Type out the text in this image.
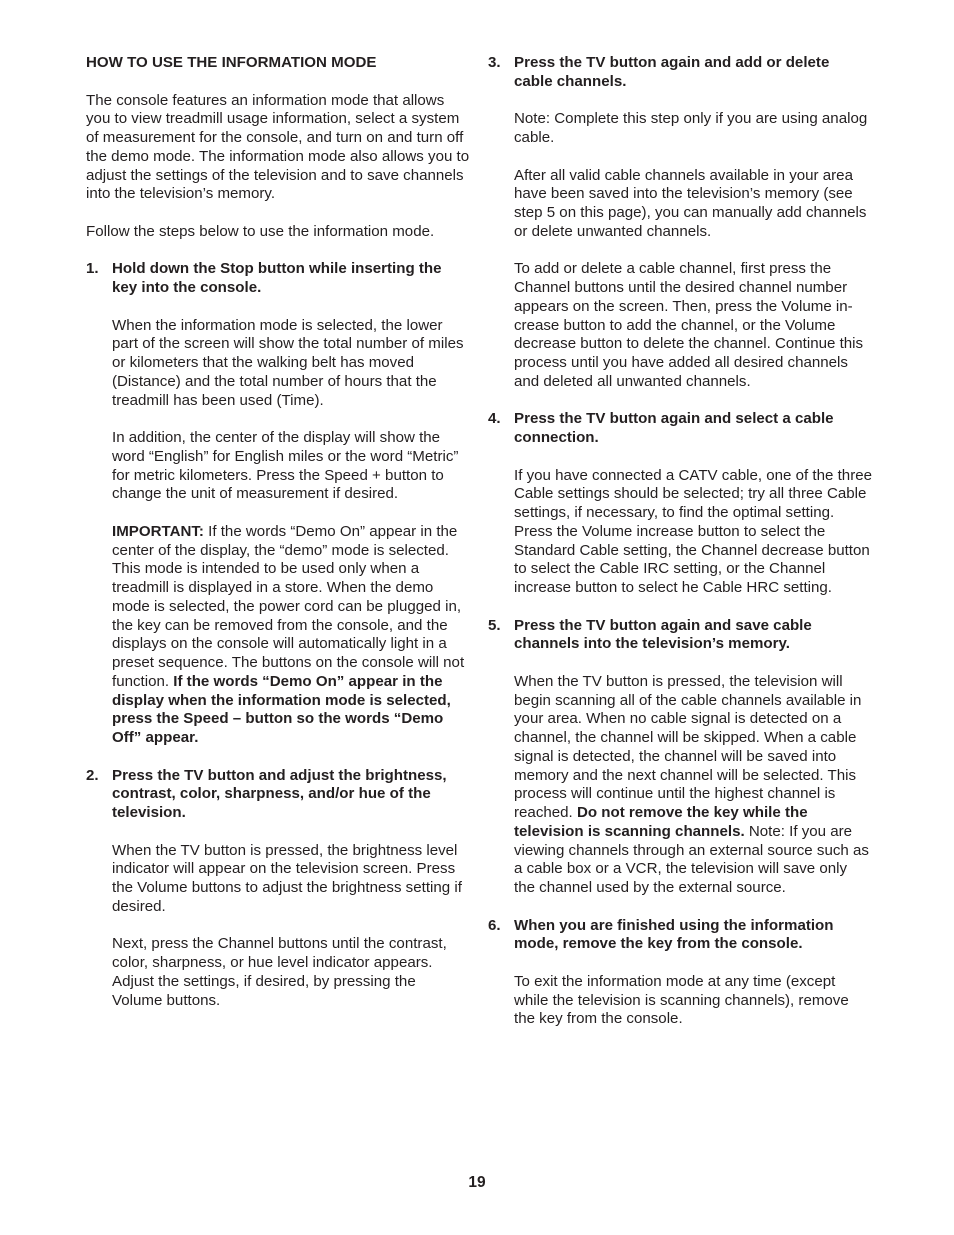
HOW TO USE THE INFORMATION MODE

The console features an information mode that allows you to view treadmill usage information, select a system of measurement for the console, and turn on and turn off the demo mode. The information mode also allows you to adjust the settings of the television and to save channels into the television’s memory.

Follow the steps below to use the information mode.

1. Hold down the Stop button while inserting the key into the console.

When the information mode is selected, the lower part of the screen will show the total number of miles or kilometers that the walking belt has moved (Distance) and the total number of hours that the treadmill has been used (Time).

In addition, the center of the display will show the word “English” for English miles or the word “Metric” for metric kilometers. Press the Speed + button to change the unit of measurement if desired.

IMPORTANT: If the words “Demo On” appear in the center of the display, the “demo” mode is selected. This mode is intended to be used only when a treadmill is displayed in a store. When the demo mode is selected, the power cord can be plugged in, the key can be removed from the console, and the displays on the console will automatically light in a preset sequence. The buttons on the console will not function. If the words “Demo On” appear in the display when the information mode is selected, press the Speed – button so the words “Demo Off” appear.

2. Press the TV button and adjust the brightness, contrast, color, sharpness, and/or hue of the television.

When the TV button is pressed, the brightness level indicator will appear on the television screen. Press the Volume buttons to adjust the brightness setting if desired.

Next, press the Channel buttons until the contrast, color, sharpness, or hue level indicator appears. Adjust the settings, if desired, by pressing the Volume buttons.

3. Press the TV button again and add or delete cable channels.

Note: Complete this step only if you are using analog cable.

After all valid cable channels available in your area have been saved into the television’s memory (see step 5 on this page), you can manually add channels or delete unwanted channels.

To add or delete a cable channel, first press the Channel buttons until the desired channel number appears on the screen. Then, press the Volume increase button to add the channel, or the Volume decrease button to delete the channel. Continue this process until you have added all desired channels and deleted all unwanted channels.

4. Press the TV button again and select a cable connection.

If you have connected a CATV cable, one of the three Cable settings should be selected; try all three Cable settings, if necessary, to find the optimal setting. Press the Volume increase button to select the Standard Cable setting, the Channel decrease button to select the Cable IRC setting, or the Channel increase button to select he Cable HRC setting.

5. Press the TV button again and save cable channels into the television’s memory.

When the TV button is pressed, the television will begin scanning all of the cable channels available in your area. When no cable signal is detected on a channel, the channel will be skipped. When a cable signal is detected, the channel will be saved into memory and the next channel will be selected. This process will continue until the highest channel is reached. Do not remove the key while the television is scanning channels. Note: If you are viewing channels through an external source such as a cable box or a VCR, the television will save only the channel used by the external source.

6. When you are finished using the information mode, remove the key from the console.

To exit the information mode at any time (except while the television is scanning channels), remove the key from the console.

19
